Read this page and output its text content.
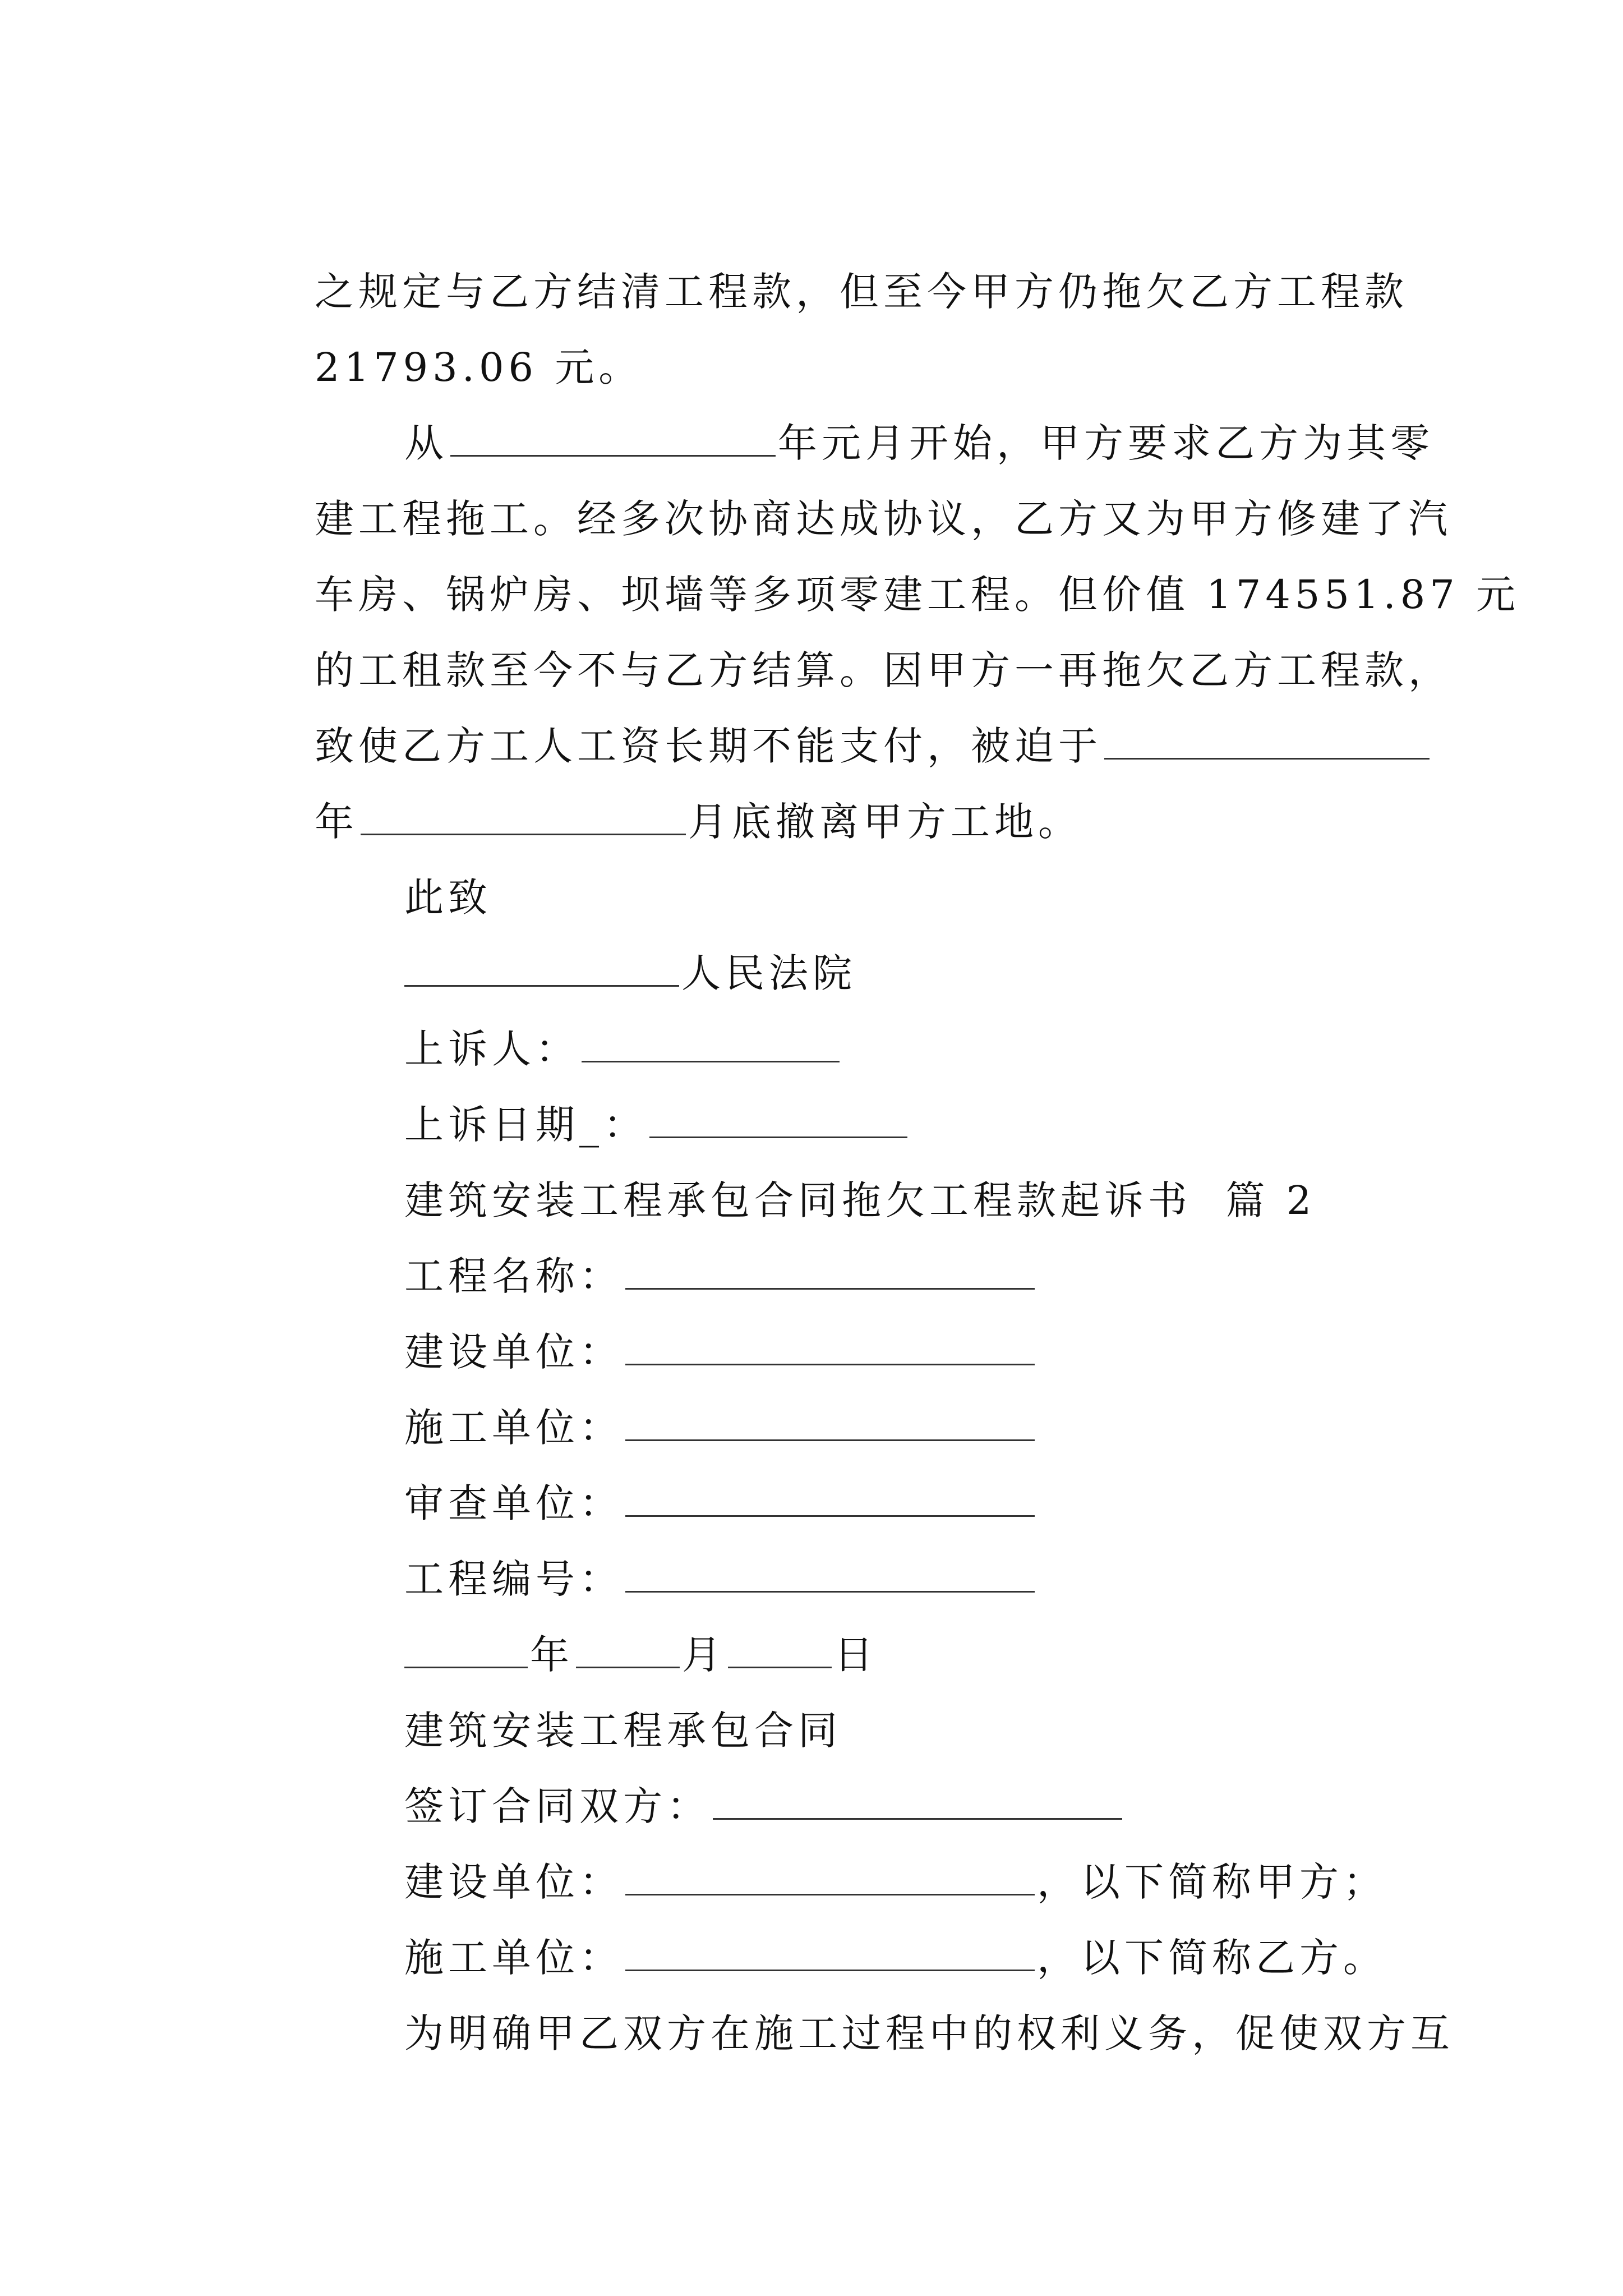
之规定与乙方结清工程款，但至今甲方仍拖欠乙方工程款

21793.06 元。

从	年元月开始，甲方要求乙方为其零

建工程拖工。经多次协商达成协议，乙方又为甲方修建了汽

车房、锅炉房、坝墙等多项零建工程。但价值 174551.87 元

的工租款至今不与乙方结算。因甲方一再拖欠乙方工程款，

致使乙方工人工资长期不能支付，被迫于

年	月底撤离甲方工地。

此致

人民法院

上诉人：

上诉日期_：

建筑安装工程承包合同拖欠工程款起诉书  篇 2

工程名称：

建设单位：

施工单位：

审查单位：

工程编号：

年	月	日

建筑安装工程承包合同

签订合同双方：

建设单位：	，以下简称甲方；

施工单位：	，以下简称乙方。

为明确甲乙双方在施工过程中的权利义务，促使双方互
